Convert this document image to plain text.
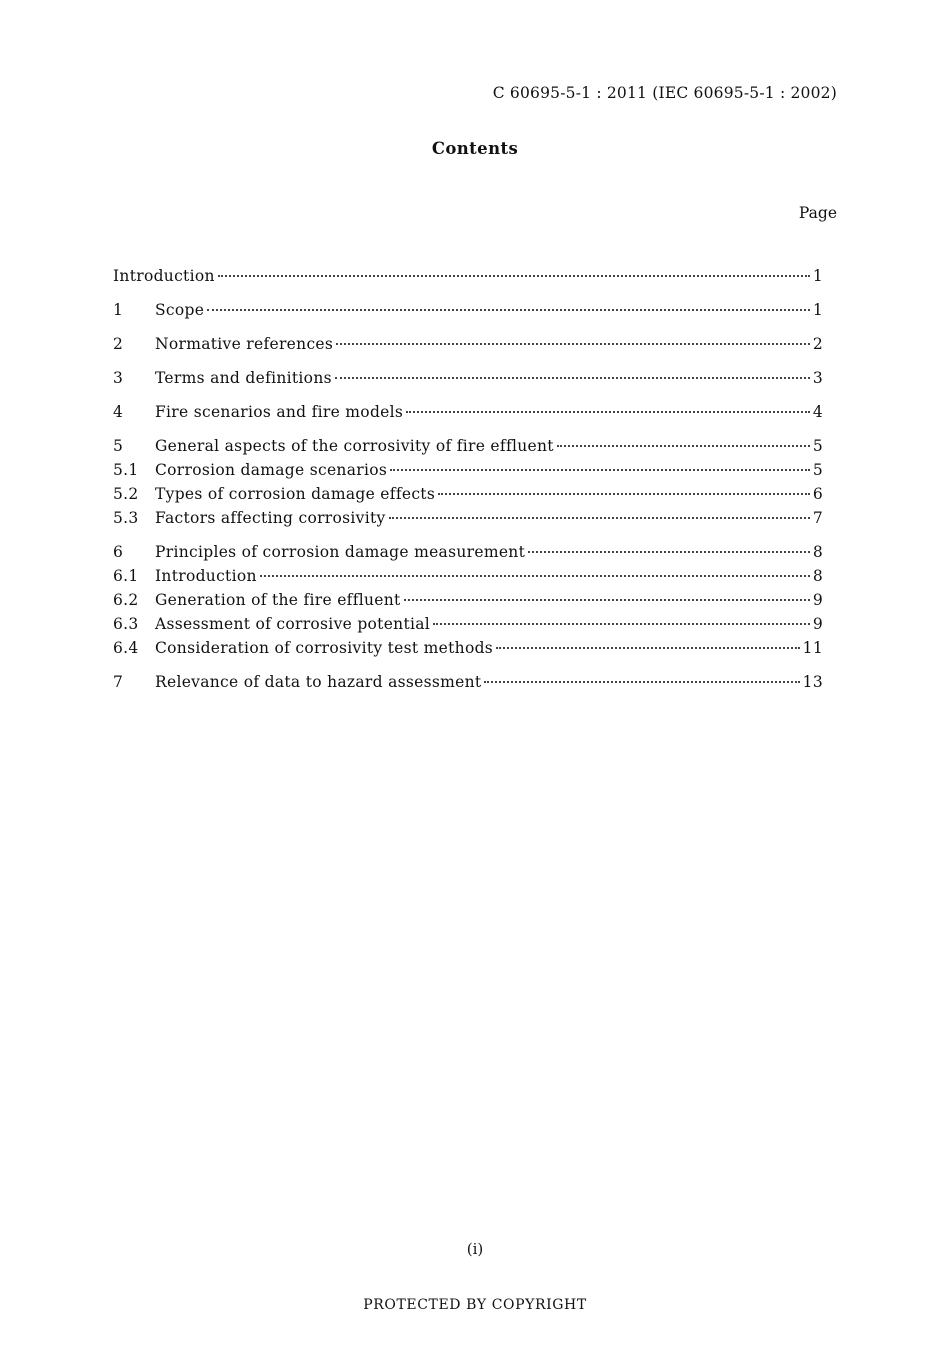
C 60695-5-1 : 2011 (IEC 60695-5-1 : 2002)
Contents
Page
Introduction	1
1	Scope	1
2	Normative references	2
3	Terms and definitions	3
4	Fire scenarios and fire models	4
5	General aspects of the corrosivity of fire effluent	5
5.1	Corrosion damage scenarios	5
5.2	Types of corrosion damage effects	6
5.3	Factors affecting corrosivity	7
6	Principles of corrosion damage measurement	8
6.1	Introduction	8
6.2	Generation of the fire effluent	9
6.3	Assessment of corrosive potential	9
6.4	Consideration of corrosivity test methods	11
7	Relevance of data to hazard assessment	13
(i)
PROTECTED BY COPYRIGHT
